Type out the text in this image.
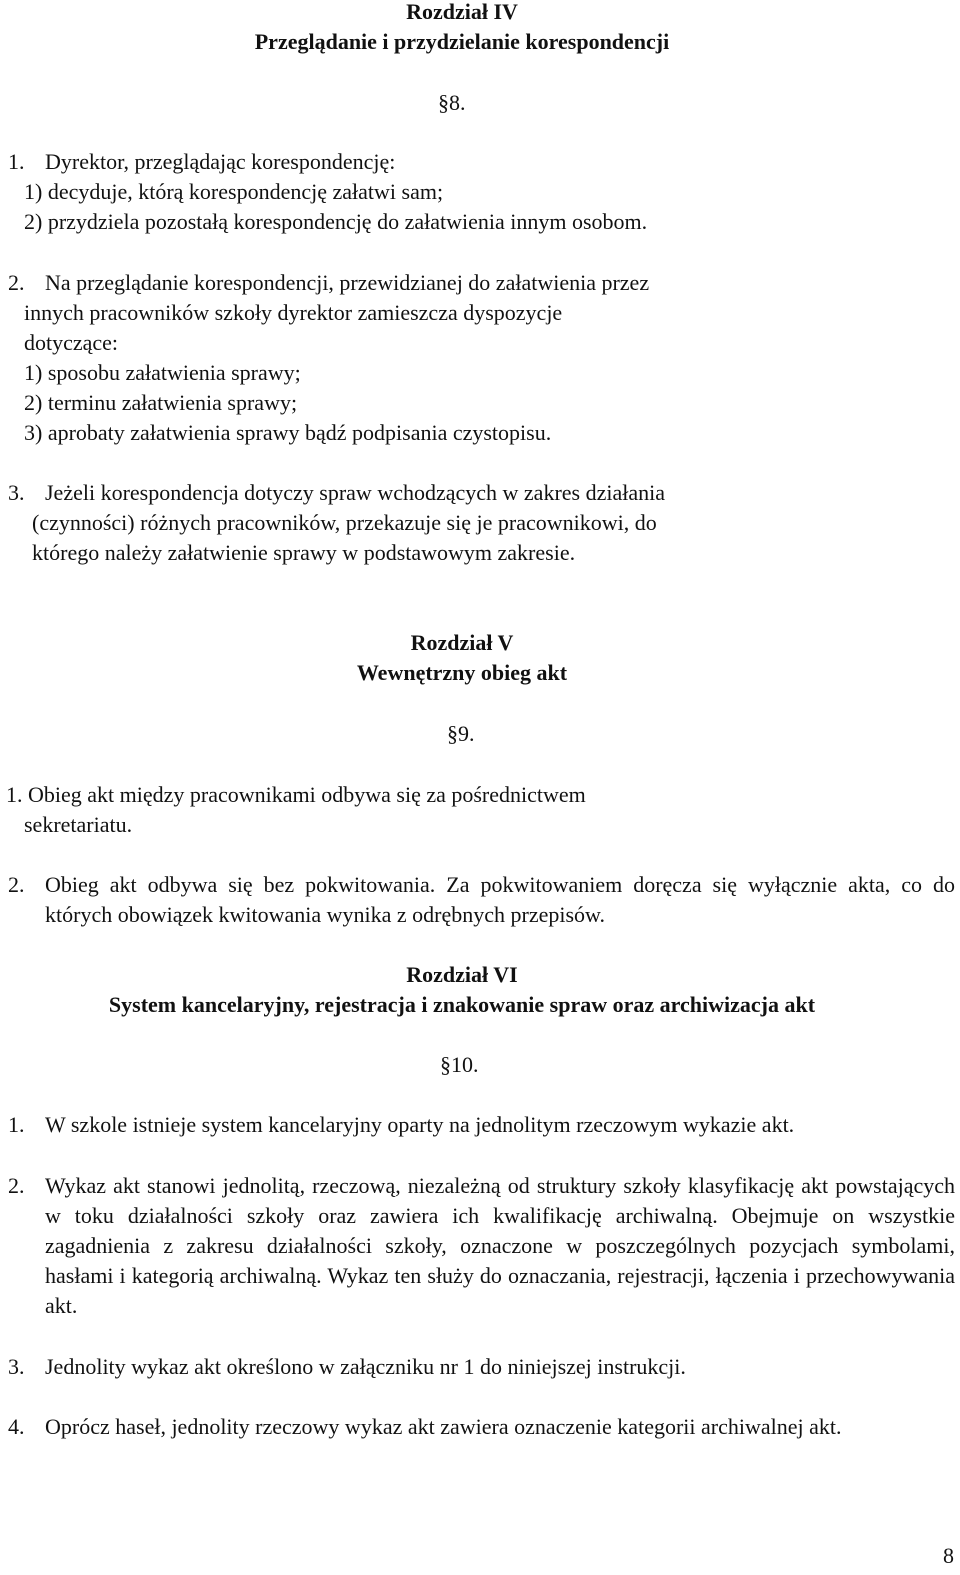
Rozdział IV
Przeglądanie i przydzielanie korespondencji
§8.
1. Dyrektor, przeglądając korespondencję:
1) decyduje, którą korespondencję załatwi sam;
2) przydziela pozostałą korespondencję do załatwienia innym osobom.
2. Na przeglądanie korespondencji, przewidzianej do załatwienia przez
innych pracowników szkoły dyrektor zamieszcza dyspozycje
dotyczące:
1) sposobu załatwienia sprawy;
2) terminu załatwienia sprawy;
3) aprobaty załatwienia sprawy bądź podpisania czystopisu.
3. Jeżeli korespondencja dotyczy spraw wchodzących w zakres działania
(czynności) różnych pracowników, przekazuje się je pracownikowi, do
którego należy załatwienie sprawy w podstawowym zakresie.
Rozdział V
Wewnętrzny obieg akt
§9.
1. Obieg akt między pracownikami odbywa się za pośrednictwem
sekretariatu.
2. Obieg akt odbywa się bez pokwitowania. Za pokwitowaniem doręcza się wyłącznie akta, co do których obowiązek kwitowania wynika z odrębnych przepisów.
Rozdział VI
System kancelaryjny, rejestracja i znakowanie spraw oraz archiwizacja akt
§10.
1. W szkole istnieje system kancelaryjny oparty na jednolitym rzeczowym wykazie akt.
2. Wykaz akt stanowi jednolitą, rzeczową, niezależną od struktury szkoły klasyfikację akt powstających w toku działalności szkoły oraz zawiera ich kwalifikację archiwalną. Obejmuje on wszystkie zagadnienia z zakresu działalności szkoły, oznaczone w poszczególnych pozycjach symbolami, hasłami i kategorią archiwalną. Wykaz ten służy do oznaczania, rejestracji, łączenia i przechowywania akt.
3. Jednolity wykaz akt określono w załączniku nr 1 do niniejszej instrukcji.
4. Oprócz haseł, jednolity rzeczowy wykaz akt zawiera oznaczenie kategorii archiwalnej akt.
8
